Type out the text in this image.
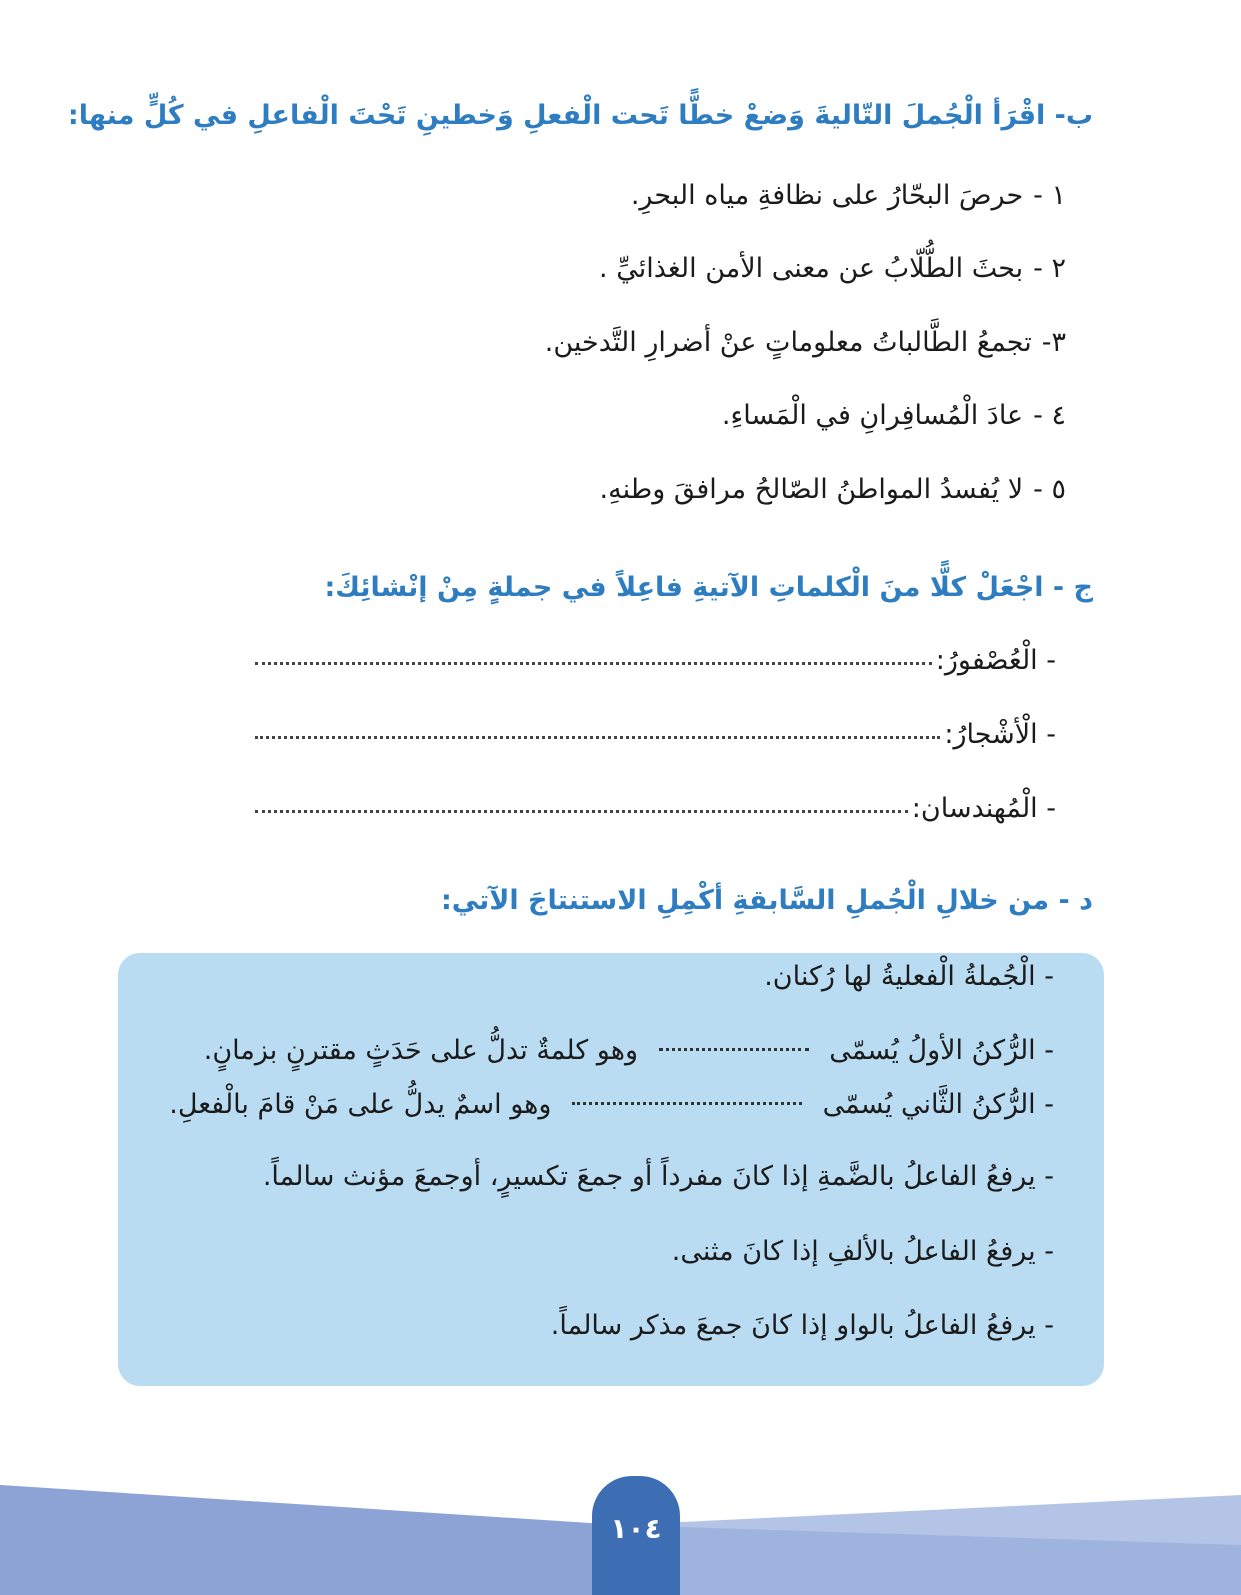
ب- اقْرَأ الْجُملَ التّاليةَ وَضعْ خطًّا تَحت الْفعلِ وَخطينِ تَحْتَ الْفاعلِ في كُلٍّ منها:
١ -حرصَ البحّارُ على نظافةِ مياه البحرِ.
٢ -بحثَ الطُّلّابُ عن معنى الأمن الغذائيِّ .
٣-تجمعُ الطَّالباتُ معلوماتٍ عنْ أضرارِ التَّدخين.
٤ -عادَ الْمُسافِرانِ في الْمَساءِ.
٥ -لا يُفسدُ المواطنُ الصّالحُ مرافقَ وطنهِ.
ج - اجْعَلْ كلًّا منَ الْكلماتِ الآتيةِ فاعِلاً في جملةٍ مِنْ إنْشائِكَ:
- الْعُصْفورُ:
- الْأشْجارُ:
- الْمُهندسان:
د - من خلالِ الْجُملِ السَّابقةِ أكْمِلِ الاستنتاجَ الآتي:
- الْجُملةُ الْفعليةُ لها رُكنان.
- الرُّكنُ الأولُ يُسمّى  وهو كلمةٌ تدلُّ على حَدَثٍ مقترنٍ بزمانٍ.
- الرُّكنُ الثَّاني يُسمّى  وهو اسمٌ يدلُّ على مَنْ قامَ بالْفعلِ.
- يرفعُ الفاعلُ بالضَّمةِ إذا كانَ مفرداً أو جمعَ تكسيرٍ، أوجمعَ مؤنث سالماً.
- يرفعُ الفاعلُ بالألفِ إذا كانَ مثنى.
- يرفعُ الفاعلُ بالواو إذا كانَ جمعَ مذكر سالماً.
١٠٤
